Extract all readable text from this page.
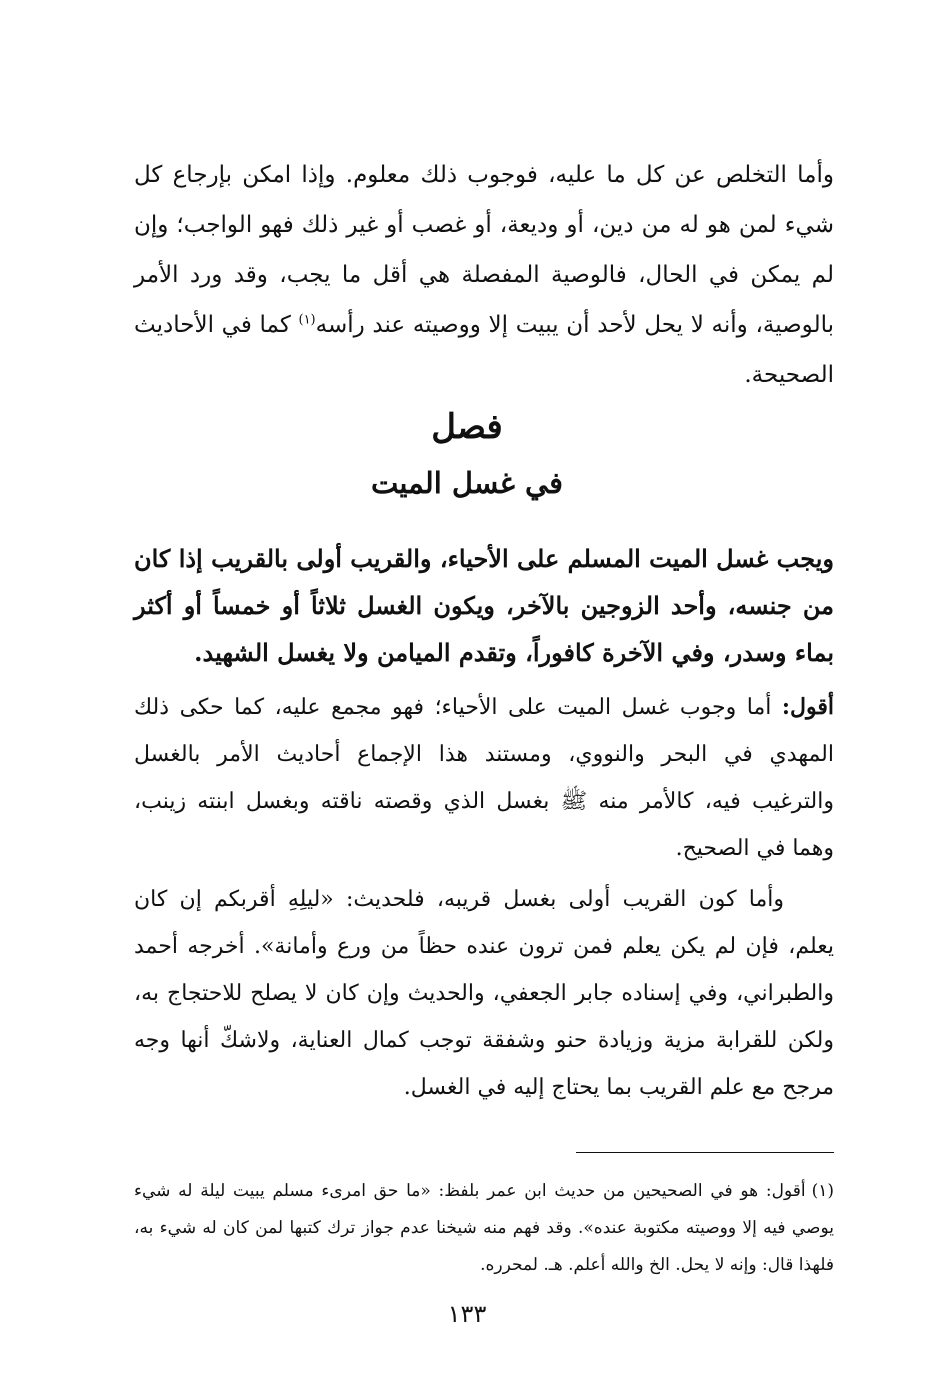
وأما التخلص عن كل ما عليه، فوجوب ذلك معلوم. وإذا امكن بإرجاع كل شيء لمن هو له من دين، أو وديعة، أو غصب أو غير ذلك فهو الواجب؛ وإن لم يمكن في الحال، فالوصية المفصلة هي أقل ما يجب، وقد ورد الأمر بالوصية، وأنه لا يحل لأحد أن يبيت إلا ووصيته عند رأسه$^{(١)}$ كما في الأحاديث الصحيحة.

فصل
في غسل الميت

ويجب غسل الميت المسلم على الأحياء، والقريب أولى بالقريب إذا كان من جنسه، وأحد الزوجين بالآخر، ويكون الغسل ثلاثاً أو خمساً أو أكثر بماء وسدر، وفي الآخرة كافوراً، وتقدم الميامن ولا يغسل الشهيد.

أقول: أما وجوب غسل الميت على الأحياء؛ فهو مجمع عليه، كما حكى ذلك المهدي في البحر والنووي، ومستند هذا الإجماع أحاديث الأمر بالغسل والترغيب فيه، كالأمر منه ﷺ بغسل الذي وقصته ناقته وبغسل ابنته زينب، وهما في الصحيح.

وأما كون القريب أولى بغسل قريبه، فلحديث: «ليلِهِ أقربكم إن كان يعلم، فإن لم يكن يعلم فمن ترون عنده حظاً من ورع وأمانة». أخرجه أحمد والطبراني، وفي إسناده جابر الجعفي، والحديث وإن كان لا يصلح للاحتجاج به، ولكن للقرابة مزية وزيادة حنو وشفقة توجب كمال العناية، ولاشكّ أنها وجه مرجح مع علم القريب بما يحتاج إليه في الغسل.

(١)أقول: هو في الصحيحين من حديث ابن عمر بلفظ: «ما حق امرىء مسلم يبيت ليلة له شيء يوصي فيه إلا ووصيته مكتوبة عنده». وقد فهم منه شيخنا عدم جواز ترك كتبها لمن كان له شيء به، فلهذا قال: وإنه لا يحل. الخ والله أعلم. هـ. لمحرره.

١٣٣
